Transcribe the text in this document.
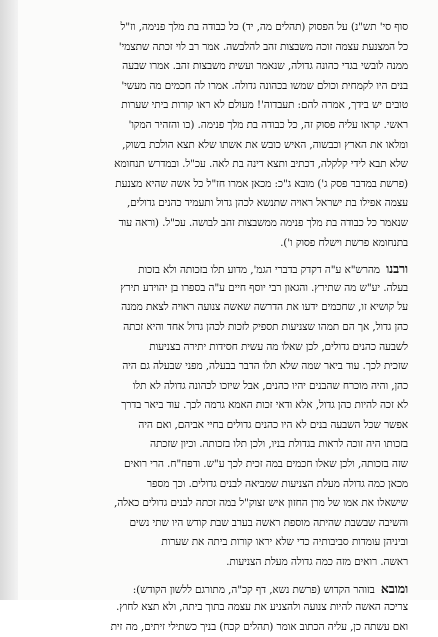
סוף סי' תש"נ) על הפסוק (תהלים מה, יד) כל כבודה בת מלך פנימה, וז"ל
כל המצנעת עצמה זוכה משבצות זהב להלבשה. אמר רב לוי זכתה שתצמי'
ממנה לובשי בגדי כהונה גדולה, שנאמר ועשית משבצות זהב. אמרו שבעה
בנים היו לקמחית וכולם שמשו בכהונה גדולה. אמרו לה חכמים מה מעשי'
טובים יש בידך, אמרה להם: תעבדוה'! מעולם לא ראו קורות ביתי שערות
ראשי. קראו עליה פסוק זה, כל כבודה בת מלך פנימה. (כו והזהיר המקו'
ומלאו את הארץ וכבשוה, האיש כובש את אשתו שלא תצא הולכת בשוק,
שלא תבא לידי קלקלה, דכתיב ותצא דינה בת לאה. עכ"ל. ובמדרש תנחומא
(פרשת במדבר פסק ג') מובא ג"כ: מכאן אמרו חז"ל כל אשה שהיא מצנעת
עצמה אפילו בת ישראל ראויה שתנשא לכהן גדול ותעמיד כהנים גדולים,
שנאמר כל כבודה בת מלך פנימה ממשבצות זהב לבושה. עכ"ל. (וראה עוד
בתנחומא פרשת וישלח פסוק ו').
ורבנו מהרש"א ע"ה דקדק בדברי הגמ', מדוע תלו בזכותה ולא בזכות
בעלה. יע"ש מה שתירץ. והגאון רבי יוסף חיים ע"ה בספרו בן יהוידע תירץ
על קושיא זו, שחכמים ידעו את הדרשה שאשה צנועה ראויה לצאת ממנה
כהן גדול, אך הם תמהו שצניעות תספיק לזכות לכהן גדול אחד והיא זכתה
לשבעה כהנים גדולים, לכן שאלו מה עשית חסידות יתירה בצניעות
שזכית לכך. עוד ביאר שמה שלא תלו הדבר בבעלה, מפני שבעלה גם היה
כהן, והיה מוכרח שהבנים יהיו כהנים, אבל שיזכו לכהונה גדולה לא תלו
לא זכה להיות כהן גדול, אלא ודאי זכות האמא גרמה לכך. עוד ביאר בדרך
אפשר שכל השבעה בנים לא היו כהנים גדולים בחיי אביהם, ואם היה
בזכותו היה זוכה לראות בגדולת בניו, ולכן תלו בזכותה. וכיון שזכתה
שזה בזכותה, ולכן שאלו חכמים במה זכית לכך ע"ש. ודפח"ח. הרי רואים
מכאן כמה גדולה מעלת הצניעות שמביאה לבנים גדולים. וכך מספר
שישאלו את אמו של מרן החזון איש זצוק"ל במה זכתה לבנים גדולים כאלה,
והשיבה שבשבת שהיתה מוספת ראשה בערב שבת קודש היו שתי נשים
וביניהן עומדות סביבותיה כדי שלא יראו קורות ביתה את שערות
ראשה. רואים מזה כמה גדולה מעלת הצניעות.
ומובא בזוהר הקדוש (פרשת נשא, דף קכ"ה, מתורגם ללשון הקודש):
צריכה האשה להיות צנועה ולהצניע את עצמה בתוך ביתה, ולא תצא לחוץ.
ואם עשתה כן, עליה הכתוב אומר (תהלים קכח) בניך כשתילי זיתים, מה זית
